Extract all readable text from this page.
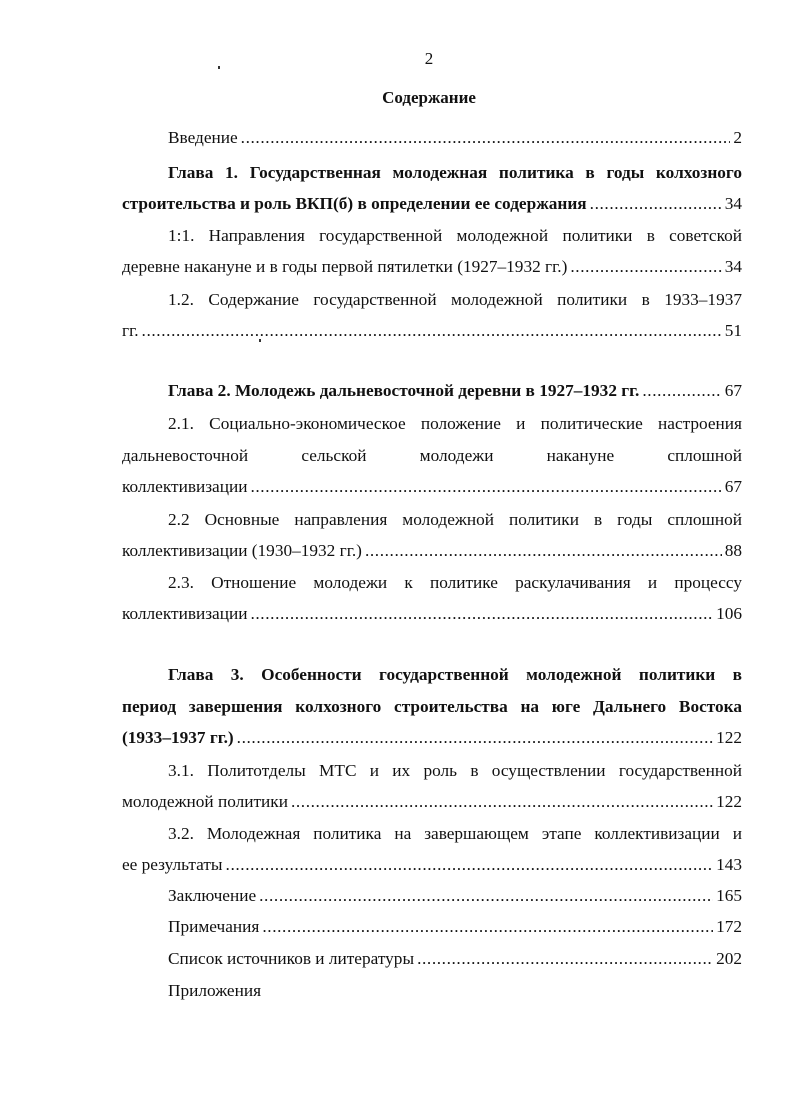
2
Содержание
Введение .....	2
Глава 1. Государственная молодежная политика в годы колхозного
строительства и роль ВКП(б) в определении ее содержания .....	34
1:1. Направления государственной молодежной политики в советской
деревне накануне и в годы первой пятилетки (1927–1932 гг.) .....	34
1.2. Содержание государственной молодежной политики в 1933–1937
гг. .....	51
Глава 2. Молодежь дальневосточной деревни в 1927–1932 гг. .....	67
2.1. Социально-экономическое положение и политические настроения
дальневосточной сельской молодежи накануне сплошной
коллективизации .....	67
2.2 Основные направления молодежной политики в годы сплошной
коллективизации (1930–1932 гг.) .....	88
2.3. Отношение молодежи к политике раскулачивания и процессу
коллективизации .....	106
Глава 3. Особенности государственной молодежной политики в
период завершения колхозного строительства на юге Дальнего Востока
(1933–1937 гг.) .....	122
3.1. Политотделы МТС и их роль в осуществлении государственной
молодежной политики .....	122
3.2. Молодежная политика на завершающем этапе коллективизации и
ее результаты .....	143
Заключение .....	165
Примечания .....	172
Список источников и литературы .....	202
Приложения
